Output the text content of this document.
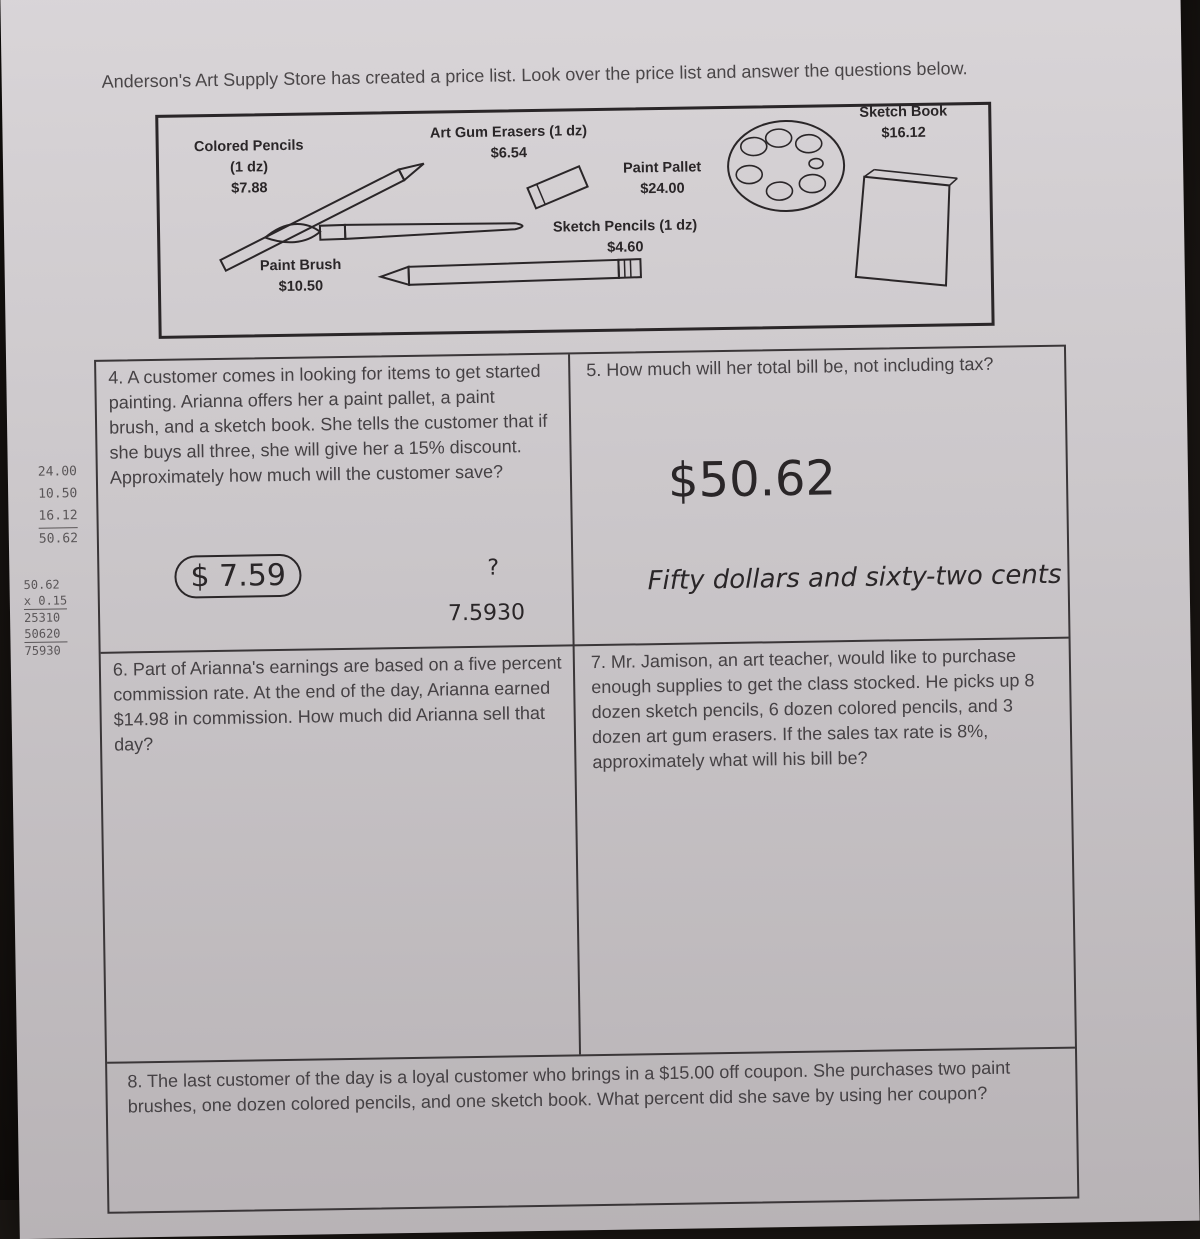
Anderson's Art Supply Store has created a price list. Look over the price list and answer the questions below.
Colored Pencils (1 dz)
$7.88
Art Gum Erasers (1 dz)
$6.54
Paint Pallet
$24.00
Sketch Book
$16.12
Sketch Pencils (1 dz)
$4.60
Paint Brush
$10.50
4. A customer comes in looking for items to get started painting. Arianna offers her a paint pallet, a paint brush, and a sketch book. She tells the customer that if she buys all three, she will give her a 15% discount. Approximately how much will the customer save?
5. How much will her total bill be, not including tax?
6. Part of Arianna's earnings are based on a five percent commission rate. At the end of the day, Arianna earned $14.98 in commission. How much did Arianna sell that day?
7. Mr. Jamison, an art teacher, would like to purchase enough supplies to get the class stocked. He picks up 8 dozen sketch pencils, 6 dozen colored pencils, and 3 dozen art gum erasers. If the sales tax rate is 8%, approximately what will his bill be?
8. The last customer of the day is a loyal customer who brings in a $15.00 off coupon. She purchases two paint brushes, one dozen colored pencils, and one sketch book. What percent did she save by using her coupon?
$ 7.59	?
7.5930
$50.62
Fifty dollars and sixty-two cents
24.00
10.50
16.12
50.62
50.62
x 0.15
25310
50620
75930
